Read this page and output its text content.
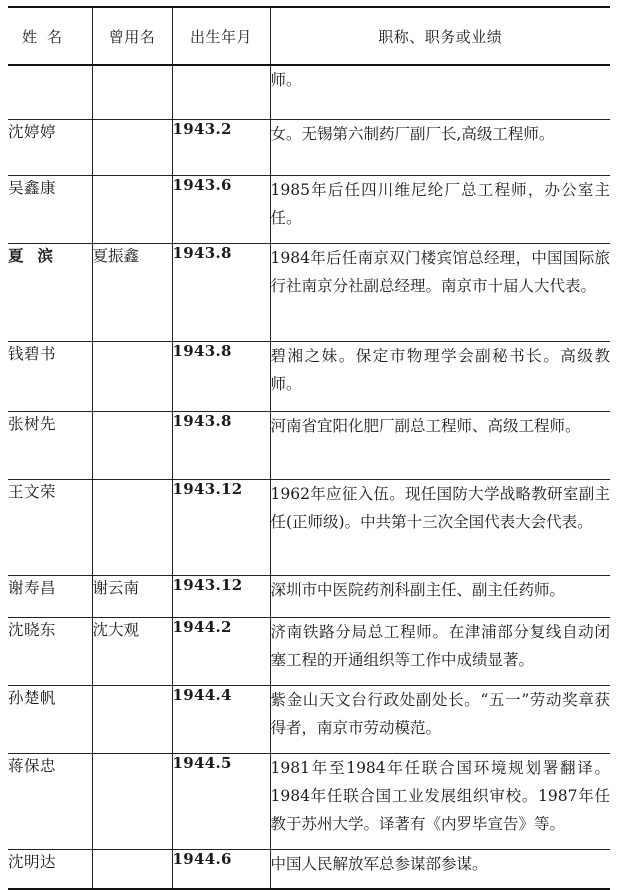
姓名	曾用名	出生年月	职称、职务或业绩
			师。
沈婷婷		1943.2	女。无锡第六制药厂副厂长,高级工程师。
吴鑫康		1943.6	1985年后任四川维尼纶厂总工程师，办公室主任。
夏滨	夏振鑫	1943.8	1984年后任南京双门楼宾馆总经理，中国国际旅行社南京分社副总经理。南京市十届人大代表。
钱碧书		1943.8	碧湘之妹。保定市物理学会副秘书长。高级教师。
张树先		1943.8	河南省宜阳化肥厂副总工程师、高级工程师。
王文荣		1943.12	1962年应征入伍。现任国防大学战略教研室副主任(正师级)。中共第十三次全国代表大会代表。
谢寿昌	谢云南	1943.12	深圳市中医院药剂科副主任、副主任药师。
沈晓东	沈大观	1944.2	济南铁路分局总工程师。在津浦部分复线自动闭塞工程的开通组织等工作中成绩显著。
孙楚帆		1944.4	紫金山天文台行政处副处长。“五一”劳动奖章获得者，南京市劳动模范。
蒋保忠		1944.5	1981年至1984年任联合国环境规划署翻译。1984年任联合国工业发展组织审校。1987年任教于苏州大学。译著有《内罗毕宣告》等。
沈明达		1944.6	中国人民解放军总参谋部参谋。
